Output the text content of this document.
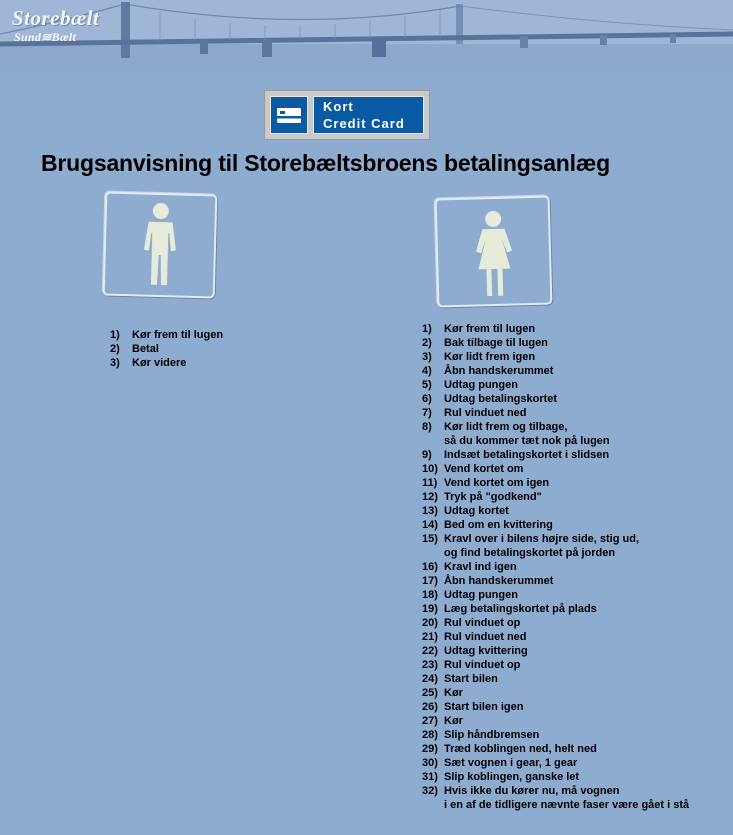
Storebælt
Sund≋Bælt
Kort
Credit Card
Brugsanvisning til Storebæltsbroens betalingsanlæg
1)	Kør frem til lugen
2)	Betal
3)	Kør videre
1)	Kør frem til lugen
2)	Bak tilbage til lugen
3)	Kør lidt frem igen
4)	Åbn handskerummet
5)	Udtag pungen
6)	Udtag betalingskortet
7)	Rul vinduet ned
8)	Kør lidt frem og tilbage,
så du kommer tæt nok på lugen
9)	Indsæt betalingskortet i slidsen
10) Vend kortet om
11) Vend kortet om igen
12) Tryk på "godkend"
13) Udtag kortet
14) Bed om en kvittering
15) Kravl over i bilens højre side, stig ud,
og find betalingskortet på jorden
16) Kravl ind igen
17) Åbn handskerummet
18) Udtag pungen
19) Læg betalingskortet på plads
20) Rul vinduet op
21) Rul vinduet ned
22) Udtag kvittering
23) Rul vinduet op
24) Start bilen
25) Kør
26) Start bilen igen
27) Kør
28) Slip håndbremsen
29) Træd koblingen ned, helt ned
30) Sæt vognen i gear, 1 gear
31) Slip koblingen, ganske let
32) Hvis ikke du kører nu, må vognen
i en af de tidligere nævnte faser være gået i stå
